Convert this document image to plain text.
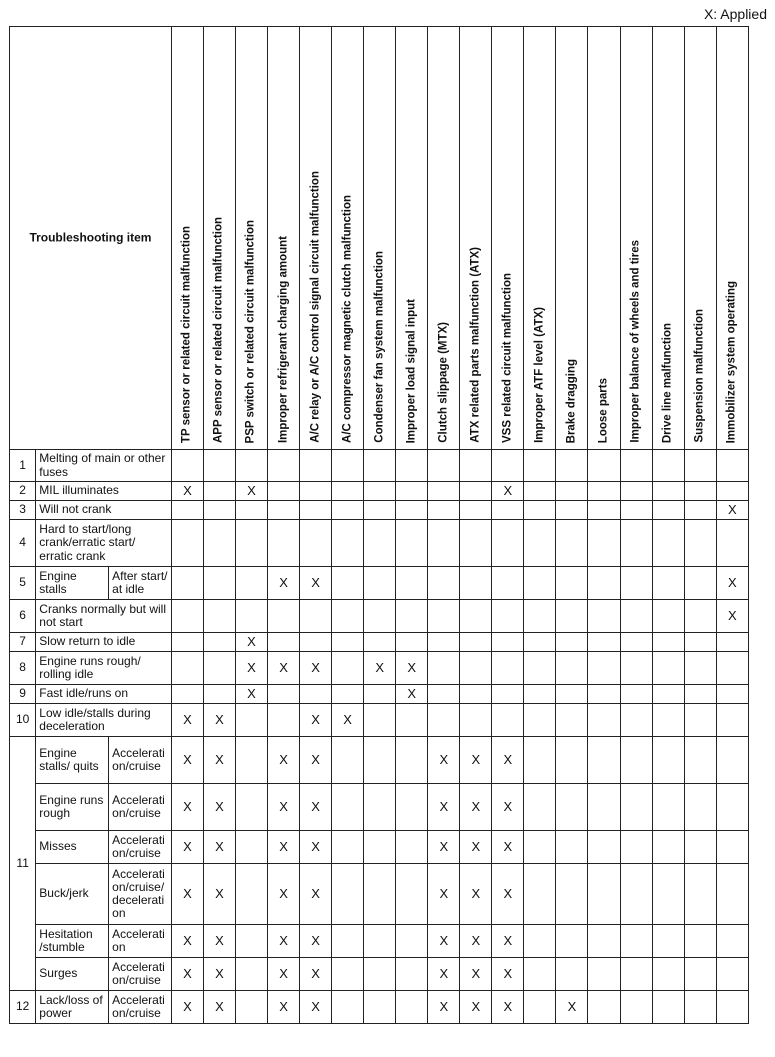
X: Applied
Troubleshooting item			TP sensor or related circuit malfunction	APP sensor or related circuit malfunction	PSP switch or related circuit malfunction	Improper refrigerant charging amount	A/C relay or A/C control signal circuit malfunction	A/C compressor magnetic clutch malfunction	Condenser fan system malfunction	Improper load signal input	Clutch slippage (MTX)	ATX related parts malfunction (ATX)	VSS related circuit malfunction	Improper ATF level (ATX)	Brake dragging	Loose parts	Improper balance of wheels and tires	Drive line malfunction	Suspension malfunction	Immobilizer system operating

1	Melting of main or other fuses																			
2	MIL illuminates		X		X								X							
3	Will not crank																			X
4	Hard to start/long crank/erratic start/ erratic crank																			
5	Engine stalls	After start/ at idle				X	X													X
6	Cranks normally but will not start																			X
7	Slow return to idle				X															
8	Engine runs rough/ rolling idle				X	X	X		X	X										
9	Fast idle/runs on				X					X										
10	Low idle/stalls during deceleration		X	X			X	X												
11	Engine stalls/ quits	Accelerati on/cruise	X	X		X	X				X	X	X							
	Engine runs rough	Accelerati on/cruise	X	X		X	X				X	X	X							
	Misses	Accelerati on/cruise	X	X		X	X				X	X	X							
	Buck/jerk	Accelerati on/cruise/ decelerati on	X	X		X	X				X	X	X							
	Hesitation /stumble	Accelerati on	X	X		X	X				X	X	X							
	Surges	Accelerati on/cruise	X	X		X	X				X	X	X							
12	Lack/loss of power	Accelerati on/cruise	X	X		X	X				X	X	X		X					
